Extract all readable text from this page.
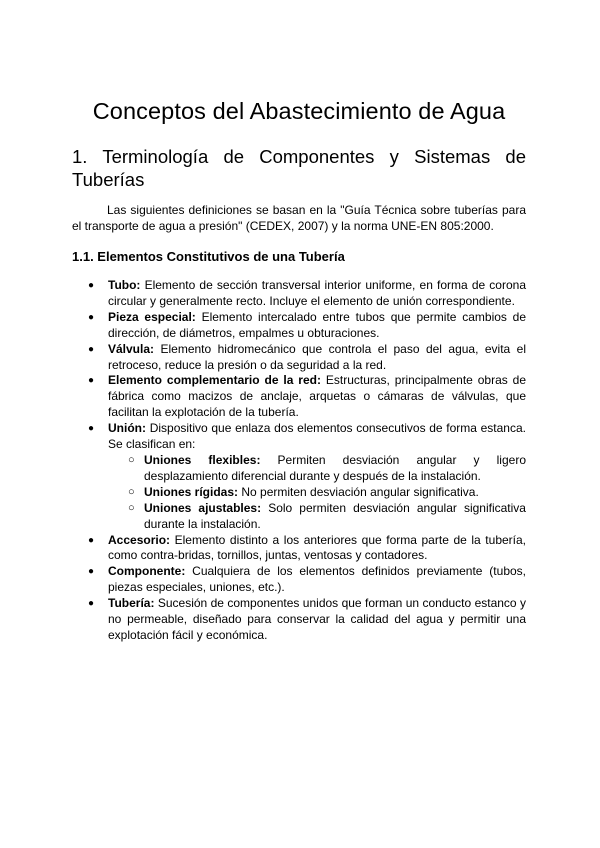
Conceptos del Abastecimiento de Agua
1. Terminología de Componentes y Sistemas de
Tuberías

Las siguientes definiciones se basan en la "Guía Técnica sobre tuberías para el transporte de agua a presión" (CEDEX, 2007) y la norma UNE-EN 805:2000.

1.1. Elementos Constitutivos de una Tubería
● Tubo: Elemento de sección transversal interior uniforme, en forma de corona circular y generalmente recto. Incluye el elemento de unión correspondiente.
● Pieza especial: Elemento intercalado entre tubos que permite cambios de dirección, de diámetros, empalmes u obturaciones.
● Válvula: Elemento hidromecánico que controla el paso del agua, evita el retroceso, reduce la presión o da seguridad a la red.
● Elemento complementario de la red: Estructuras, principalmente obras de fábrica como macizos de anclaje, arquetas o cámaras de válvulas, que facilitan la explotación de la tubería.
● Unión: Dispositivo que enlaza dos elementos consecutivos de forma estanca. Se clasifican en:
○ Uniones flexibles: Permiten desviación angular y ligero desplazamiento diferencial durante y después de la instalación.
○ Uniones rígidas: No permiten desviación angular significativa.
○ Uniones ajustables: Solo permiten desviación angular significativa durante la instalación.
● Accesorio: Elemento distinto a los anteriores que forma parte de la tubería, como contra-bridas, tornillos, juntas, ventosas y contadores.
● Componente: Cualquiera de los elementos definidos previamente (tubos, piezas especiales, uniones, etc.).
● Tubería: Sucesión de componentes unidos que forman un conducto estanco y no permeable, diseñado para conservar la calidad del agua y permitir una explotación fácil y económica.
